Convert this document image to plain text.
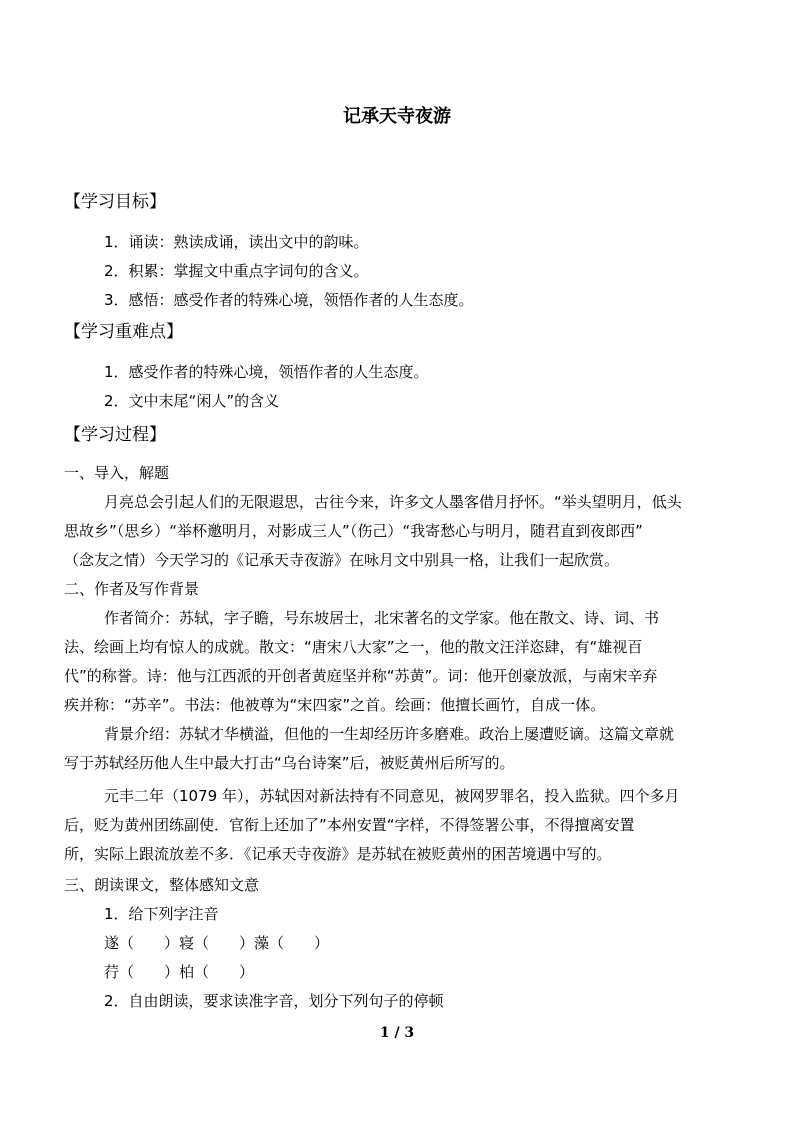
记承天寺夜游
【学习目标】
1．诵读：熟读成诵，读出文中的韵味。
2．积累：掌握文中重点字词句的含义。
3．感悟：感受作者的特殊心境，领悟作者的人生态度。
【学习重难点】
1．感受作者的特殊心境，领悟作者的人生态度。
2．文中末尾“闲人”的含义
【学习过程】
一、导入，解题
月亮总会引起人们的无限遐思，古往今来，许多文人墨客借月抒怀。“举头望明月，低头
思故乡”（思乡）“举杯邀明月，对影成三人”（伤己）“我寄愁心与明月，随君直到夜郎西”
（念友之情）今天学习的《记承天寺夜游》在咏月文中别具一格，让我们一起欣赏。
二、作者及写作背景
作者简介：苏轼，字子瞻，号东坡居士，北宋著名的文学家。他在散文、诗、词、书
法、绘画上均有惊人的成就。散文：“唐宋八大家”之一，他的散文汪洋恣肆，有“雄视百
代”的称誉。诗：他与江西派的开创者黄庭坚并称“苏黄”。词：他开创豪放派，与南宋辛弃
疾并称：“苏辛”。书法：他被尊为“宋四家”之首。绘画：他擅长画竹，自成一体。
背景介绍：苏轼才华横溢，但他的一生却经历许多磨难。政治上屡遭贬谪。这篇文章就
写于苏轼经历他人生中最大打击“乌台诗案”后，被贬黄州后所写的。
元丰二年（1079 年），苏轼因对新法持有不同意见，被网罗罪名，投入监狱。四个多月
后，贬为黄州团练副使．官衔上还加了”本州安置“字样，不得签署公事，不得擅离安置
所，实际上跟流放差不多．《记承天寺夜游》是苏轼在被贬黄州的困苦境遇中写的。
三、朗读课文，整体感知文意
1．给下列字注音
遂（　　）寝（　　）藻（　　）
荇（　　）柏（　　）
2．自由朗读，要求读准字音，划分下列句子的停顿
1 / 3
